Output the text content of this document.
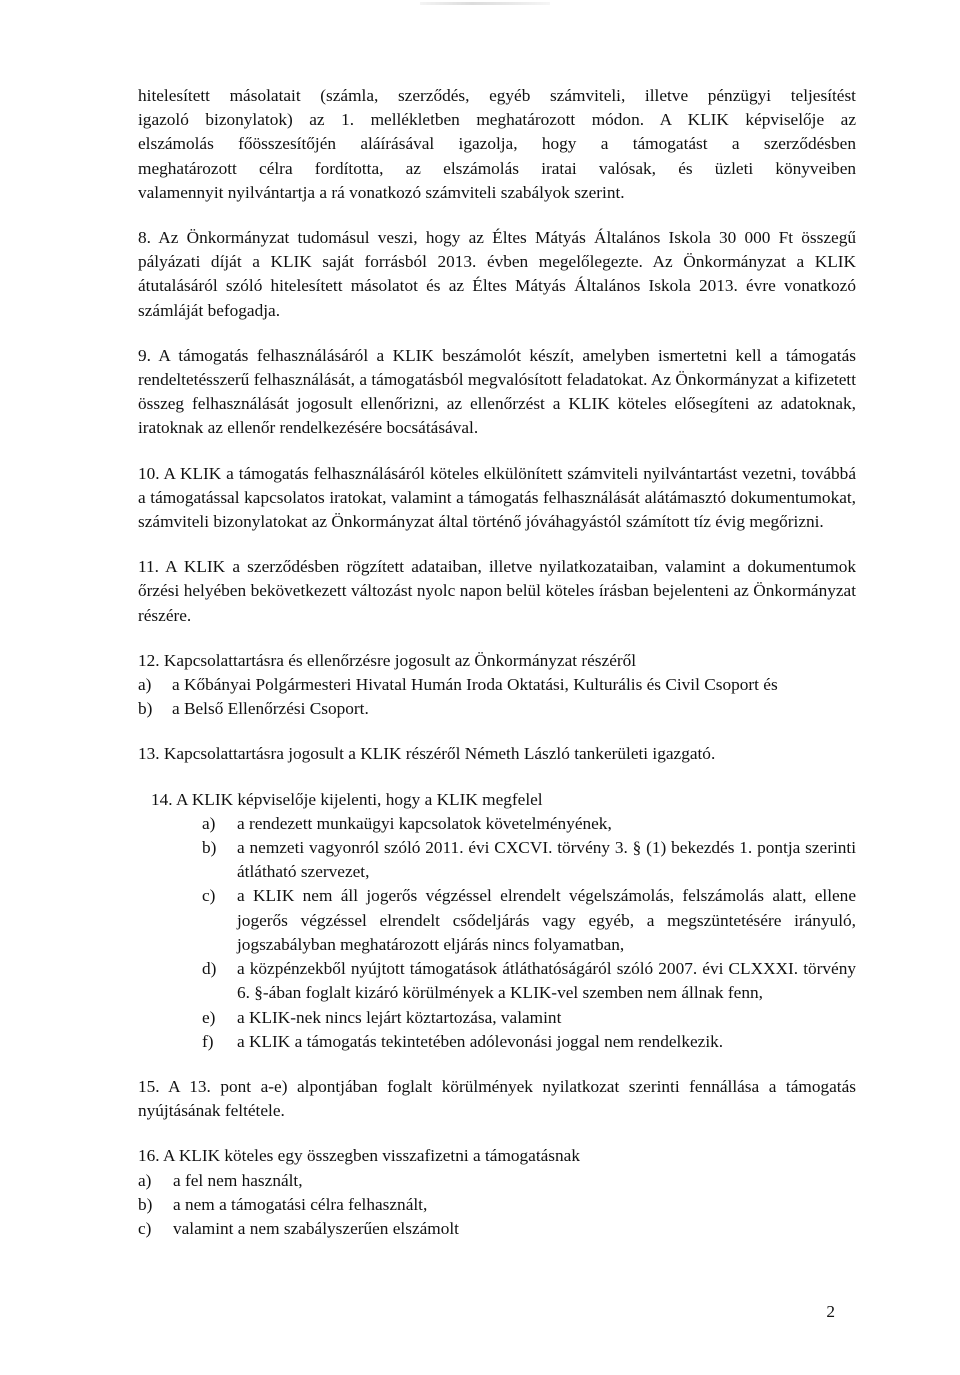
hitelesített másolatait (számla, szerződés, egyéb számviteli, illetve pénzügyi teljesítést
igazoló bizonylatok) az 1. mellékletben meghatározott módon. A KLIK képviselője az
elszámolás főösszesítőjén aláírásával igazolja, hogy a támogatást a szerződésben
meghatározott célra fordította, az elszámolás iratai valósak, és üzleti könyveiben
valamennyit nyilvántartja a rá vonatkozó számviteli szabályok szerint.

8. Az Önkormányzat tudomásul veszi, hogy az Éltes Mátyás Általános Iskola 30 000 Ft összegű pályázati díját a KLIK saját forrásból 2013. évben megelőlegezte. Az Önkormányzat a KLIK átutalásáról szóló hitelesített másolatot és az Éltes Mátyás Általános Iskola 2013. évre vonatkozó számláját befogadja.

9. A támogatás felhasználásáról a KLIK beszámolót készít, amelyben ismertetni kell a támogatás rendeltetésszerű felhasználását, a támogatásból megvalósított feladatokat. Az Önkormányzat a kifizetett összeg felhasználását jogosult ellenőrizni, az ellenőrzést a KLIK köteles elősegíteni az adatoknak, iratoknak az ellenőr rendelkezésére bocsátásával.

10. A KLIK a támogatás felhasználásáról köteles elkülönített számviteli nyilvántartást vezetni, továbbá a támogatással kapcsolatos iratokat, valamint a támogatás felhasználását alátámasztó dokumentumokat, számviteli bizonylatokat az Önkormányzat által történő jóváhagyástól számított tíz évig megőrizni.

11. A KLIK a szerződésben rögzített adataiban, illetve nyilatkozataiban, valamint a dokumentumok őrzési helyében bekövetkezett változást nyolc napon belül köteles írásban bejelenteni az Önkormányzat részére.

12. Kapcsolattartásra és ellenőrzésre jogosult az Önkormányzat részéről
a)	a Kőbányai Polgármesteri Hivatal Humán Iroda Oktatási, Kulturális és Civil Csoport és
b)	a Belső Ellenőrzési Csoport.

13. Kapcsolattartásra jogosult a KLIK részéről Németh László tankerületi igazgató.

14. A KLIK képviselője kijelenti, hogy a KLIK megfelel
a)	a rendezett munkaügyi kapcsolatok követelményének,
b)	a nemzeti vagyonról szóló 2011. évi CXCVI. törvény 3. § (1) bekezdés 1. pontja szerinti átlátható szervezet,
c)	a KLIK nem áll jogerős végzéssel elrendelt végelszámolás, felszámolás alatt, ellene jogerős végzéssel elrendelt csődeljárás vagy egyéb, a megszüntetésére irányuló, jogszabályban meghatározott eljárás nincs folyamatban,
d)	a közpénzekből nyújtott támogatások átláthatóságáról szóló 2007. évi CLXXXI. törvény 6. §-ában foglalt kizáró körülmények a KLIK-vel szemben nem állnak fenn,
e)	a KLIK-nek nincs lejárt köztartozása, valamint
f)	a KLIK a támogatás tekintetében adólevonási joggal nem rendelkezik.

15. A 13. pont a-e) alpontjában foglalt körülmények nyilatkozat szerinti fennállása a támogatás nyújtásának feltétele.

16. A KLIK köteles egy összegben visszafizetni a támogatásnak
a)	a fel nem használt,
b)	a nem a támogatási célra felhasznált,
c)	valamint a nem szabályszerűen elszámolt
2
